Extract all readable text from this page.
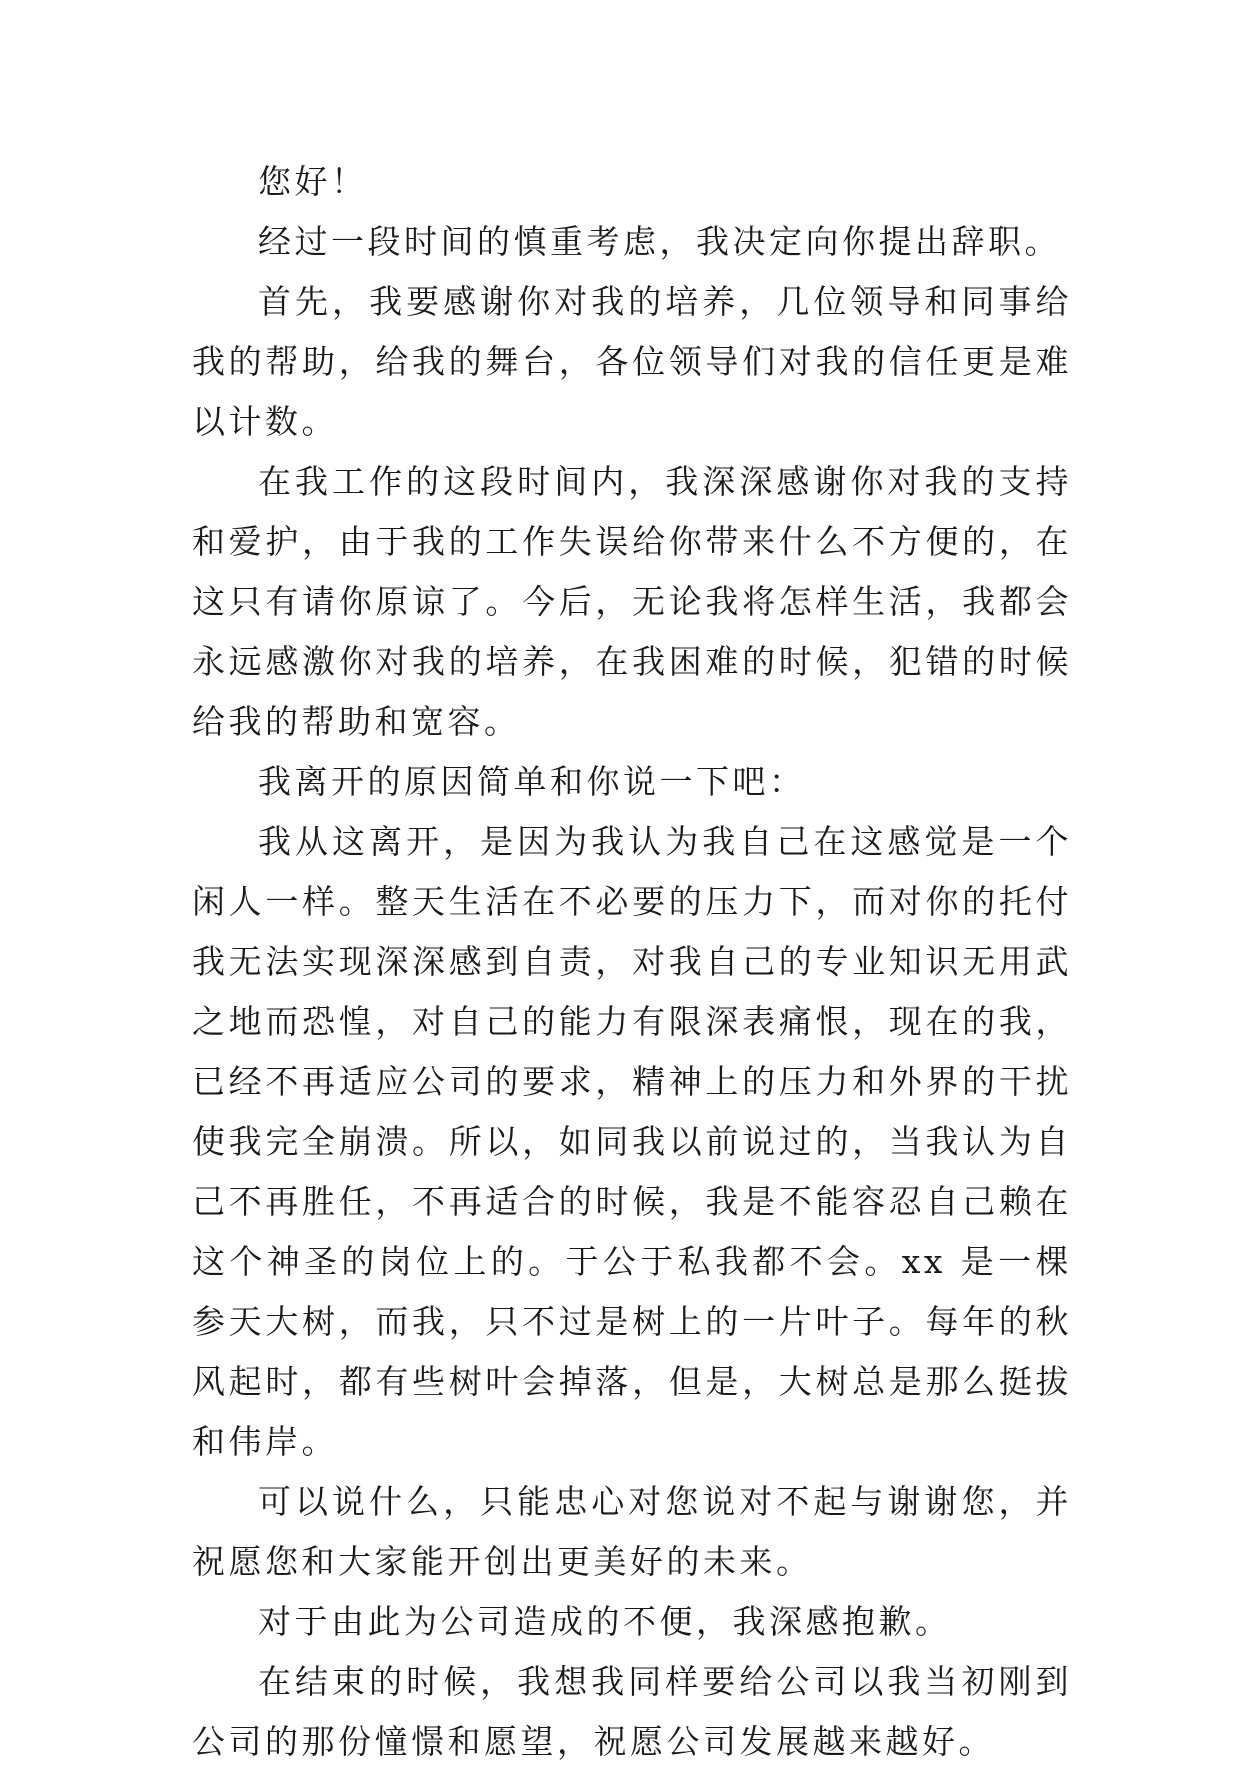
您好！

经过一段时间的慎重考虑，我决定向你提出辞职。

首先，我要感谢你对我的培养，几位领导和同事给我的帮助，给我的舞台，各位领导们对我的信任更是难以计数。

在我工作的这段时间内，我深深感谢你对我的支持和爱护，由于我的工作失误给你带来什么不方便的，在这只有请你原谅了。今后，无论我将怎样生活，我都会永远感激你对我的培养，在我困难的时候，犯错的时候给我的帮助和宽容。

我离开的原因简单和你说一下吧：

我从这离开，是因为我认为我自己在这感觉是一个闲人一样。整天生活在不必要的压力下，而对你的托付我无法实现深深感到自责，对我自己的专业知识无用武之地而恐惶，对自己的能力有限深表痛恨，现在的我，已经不再适应公司的要求，精神上的压力和外界的干扰使我完全崩溃。所以，如同我以前说过的，当我认为自己不再胜任，不再适合的时候，我是不能容忍自己赖在这个神圣的岗位上的。于公于私我都不会。xx 是一棵参天大树，而我，只不过是树上的一片叶子。每年的秋风起时，都有些树叶会掉落，但是，大树总是那么挺拔和伟岸。

可以说什么，只能忠心对您说对不起与谢谢您，并祝愿您和大家能开创出更美好的未来。

对于由此为公司造成的不便，我深感抱歉。

在结束的时候，我想我同样要给公司以我当初刚到公司的那份憧憬和愿望，祝愿公司发展越来越好。
